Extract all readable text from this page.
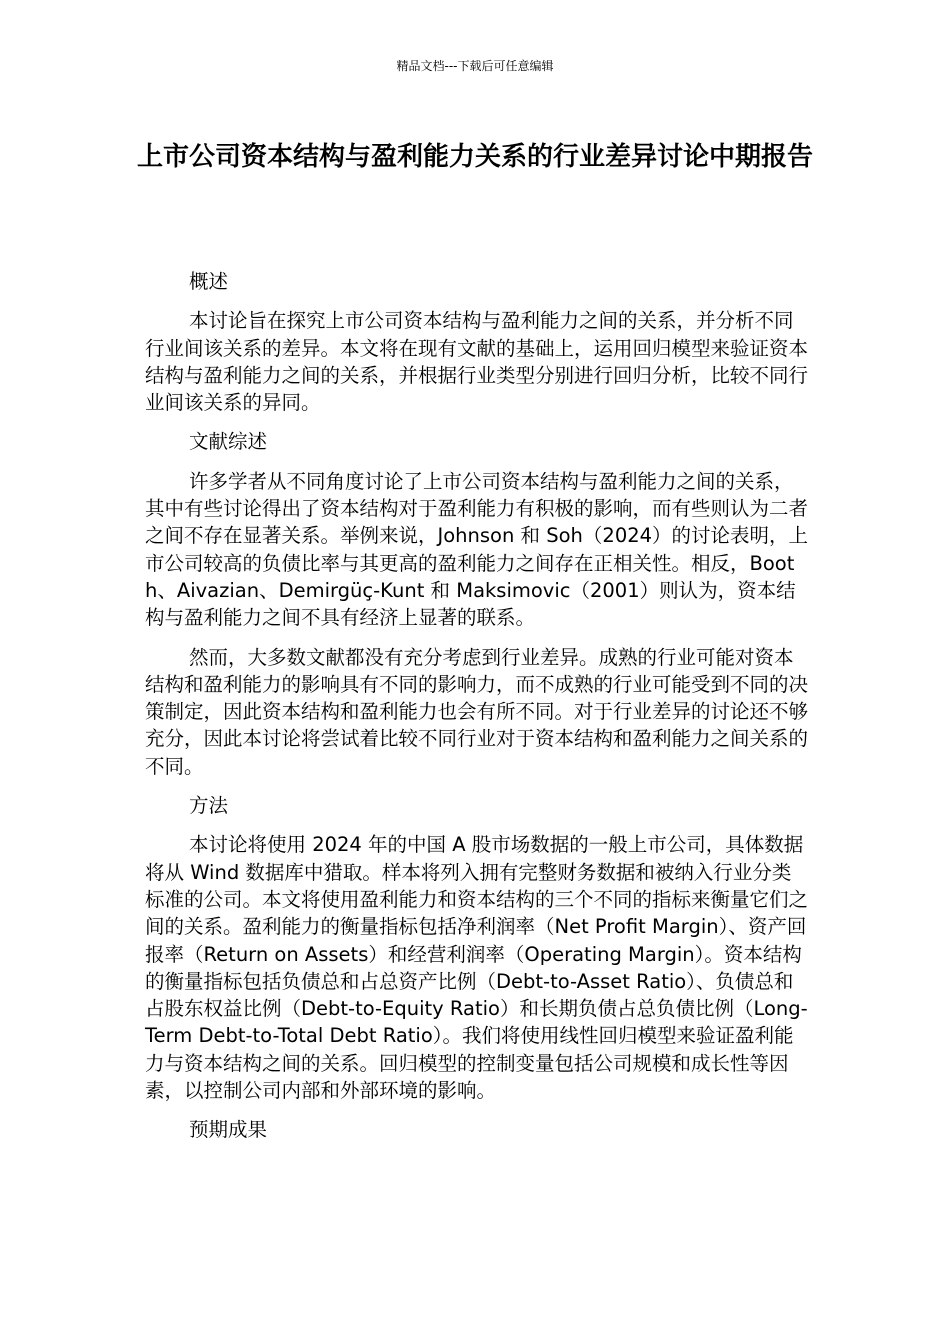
精品文档---下载后可任意编辑
上市公司资本结构与盈利能力关系的行业差异讨论中期报告

概述

本讨论旨在探究上市公司资本结构与盈利能力之间的关系，并分析不同行业间该关系的差异。本文将在现有文献的基础上，运用回归模型来验证资本结构与盈利能力之间的关系，并根据行业类型分别进行回归分析，比较不同行业间该关系的异同。

文献综述

许多学者从不同角度讨论了上市公司资本结构与盈利能力之间的关系，其中有些讨论得出了资本结构对于盈利能力有积极的影响，而有些则认为二者之间不存在显著关系。举例来说，Johnson 和 Soh（2024）的讨论表明，上市公司较高的负债比率与其更高的盈利能力之间存在正相关性。相反，Booth、Aivazian、Demirgüç-Kunt 和 Maksimovic（2001）则认为，资本结构与盈利能力之间不具有经济上显著的联系。

然而，大多数文献都没有充分考虑到行业差异。成熟的行业可能对资本结构和盈利能力的影响具有不同的影响力，而不成熟的行业可能受到不同的决策制定，因此资本结构和盈利能力也会有所不同。对于行业差异的讨论还不够充分，因此本讨论将尝试着比较不同行业对于资本结构和盈利能力之间关系的不同。

方法

本讨论将使用 2024 年的中国 A 股市场数据的一般上市公司，具体数据将从 Wind 数据库中猎取。样本将列入拥有完整财务数据和被纳入行业分类标准的公司。本文将使用盈利能力和资本结构的三个不同的指标来衡量它们之间的关系。盈利能力的衡量指标包括净利润率（Net Profit Margin）、资产回报率（Return on Assets）和经营利润率（Operating Margin）。资本结构的衡量指标包括负债总和占总资产比例（Debt-to-Asset Ratio）、负债总和占股东权益比例（Debt-to-Equity Ratio）和长期负债占总负债比例（Long-Term Debt-to-Total Debt Ratio）。我们将使用线性回归模型来验证盈利能力与资本结构之间的关系。回归模型的控制变量包括公司规模和成长性等因素，以控制公司内部和外部环境的影响。

预期成果
